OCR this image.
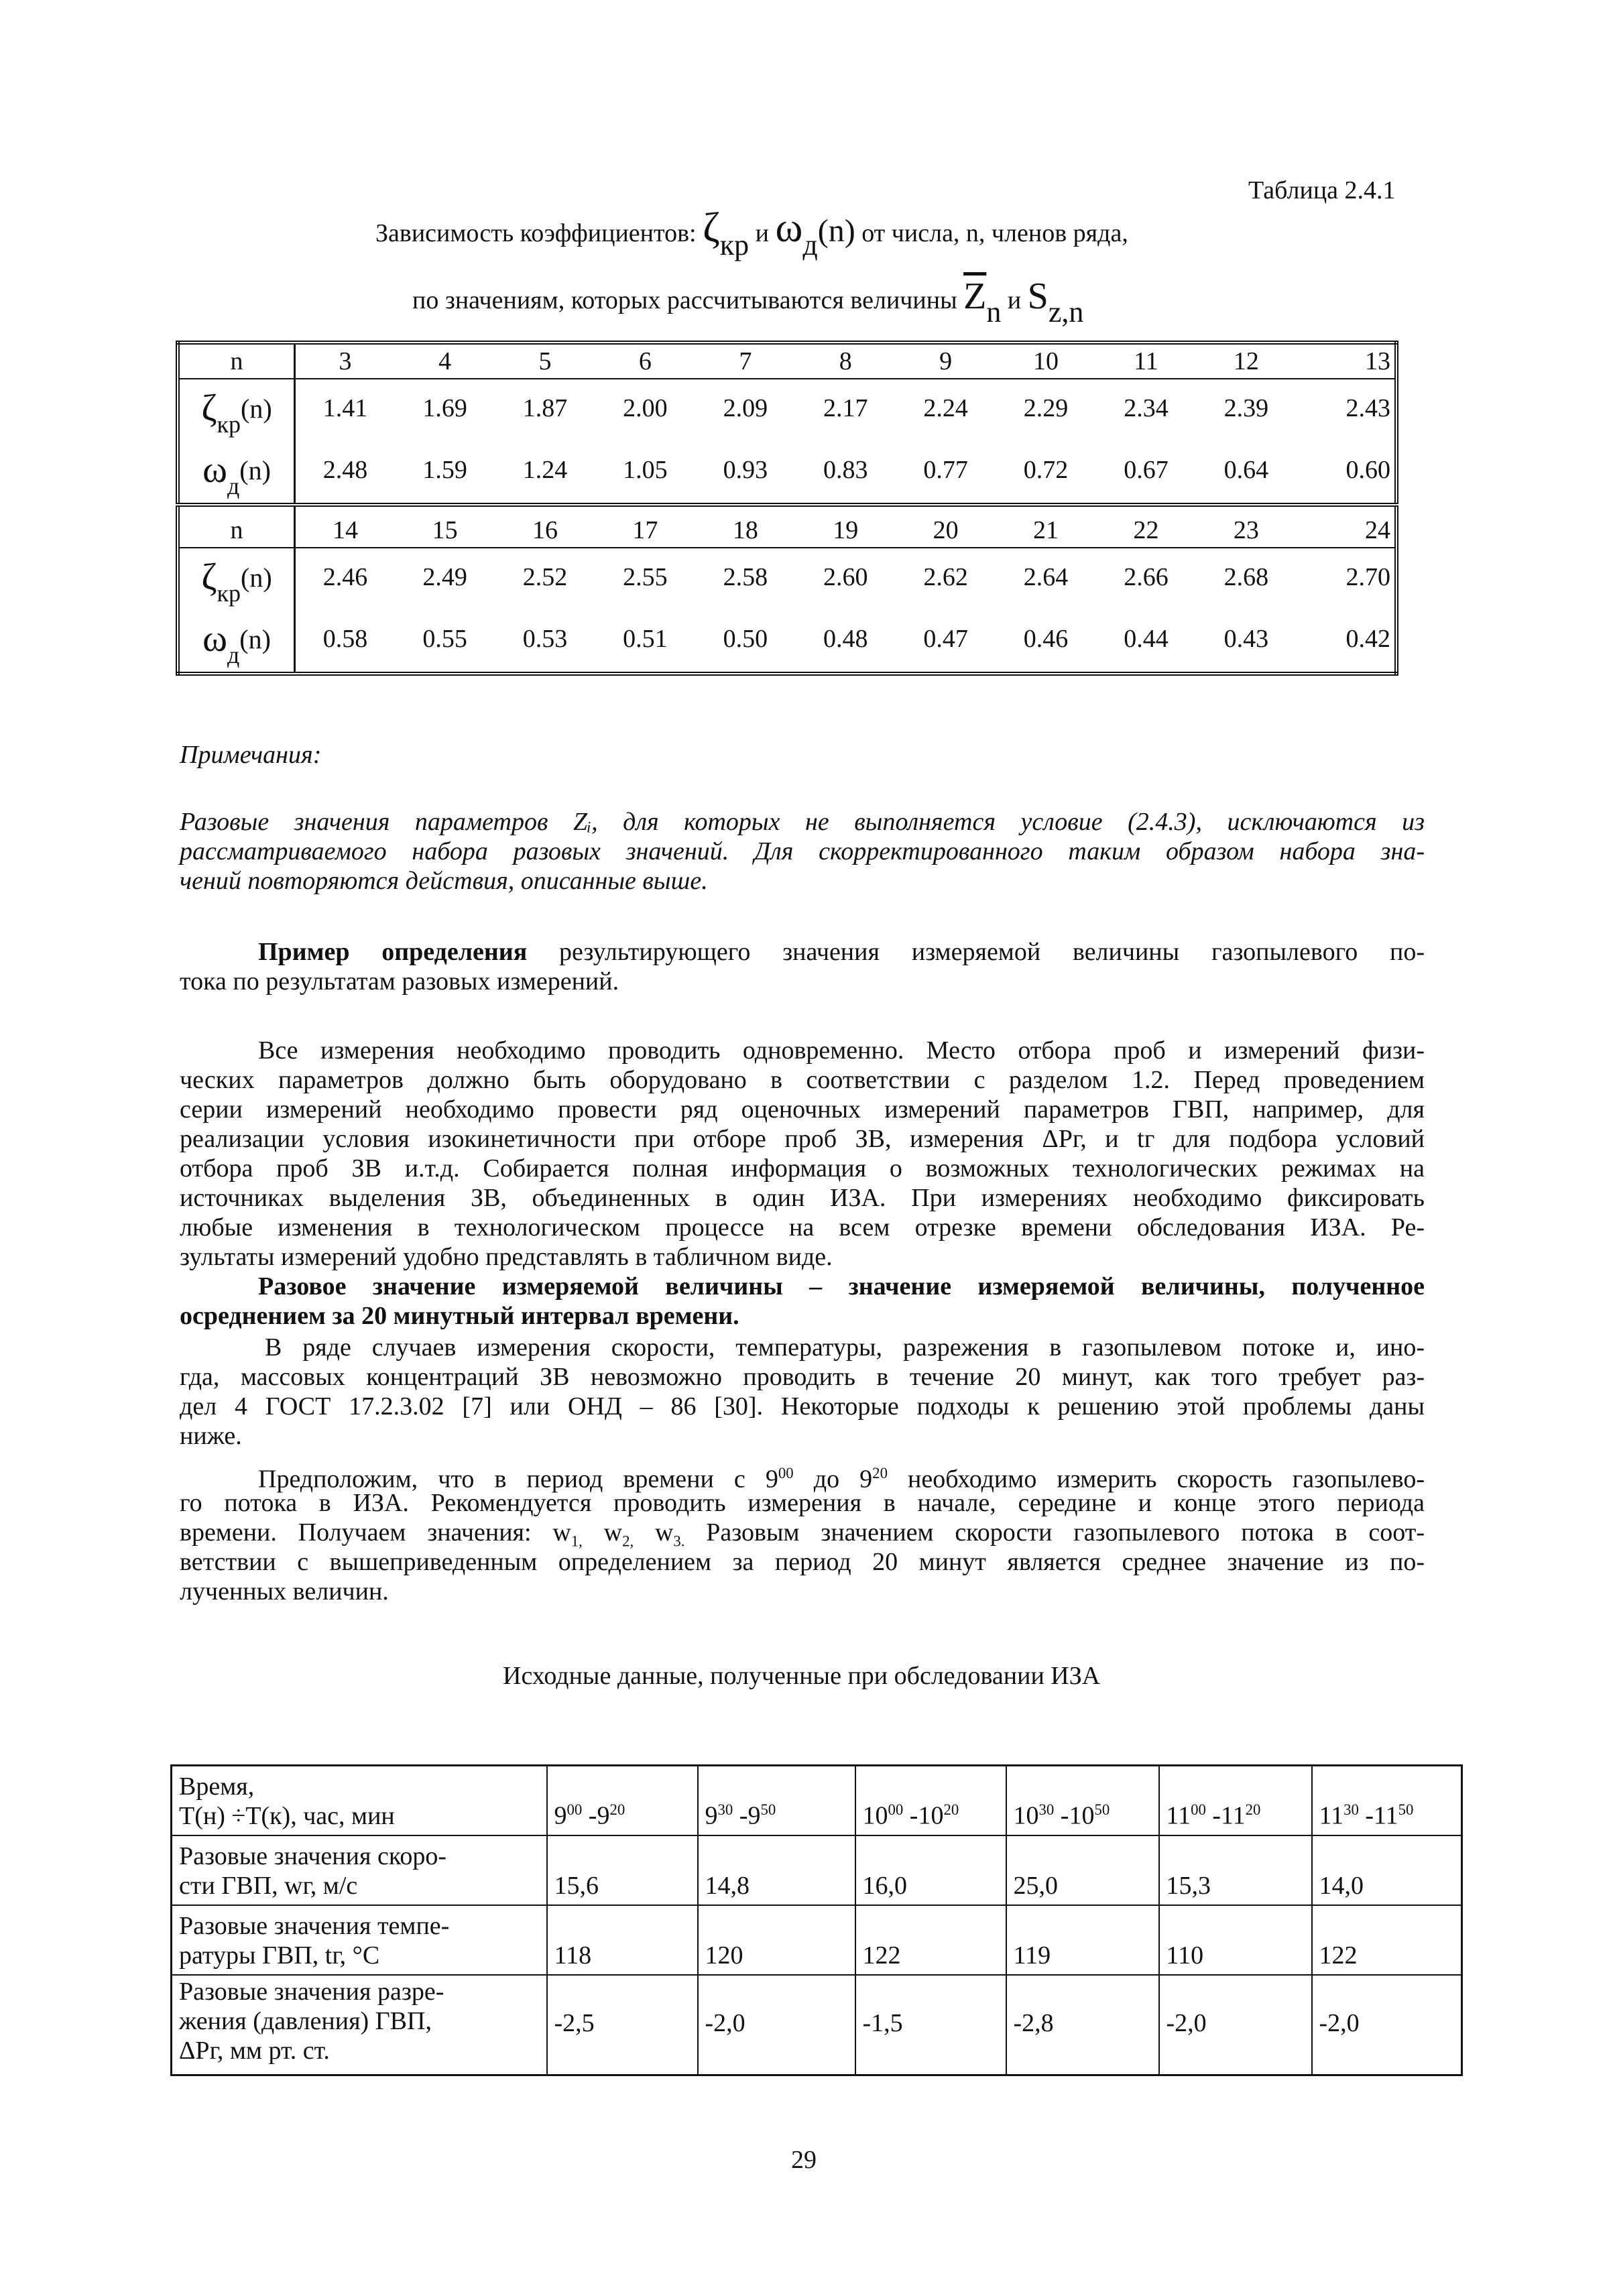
Таблица 2.4.1
Зависимость коэффициентов: ζкр и ωд(n) от числа, n, членов ряда,
по значениям, которых рассчитываются величины $\overline{Z}n$ и Sz,n
n	3	4	5	6	7	8	9	10	11	12	13
ζкр(n)	1.41	1.69	1.87	2.00	2.09	2.17	2.24	2.29	2.34	2.39	2.43
ωд(n)	2.48	1.59	1.24	1.05	0.93	0.83	0.77	0.72	0.67	0.64	0.60

n	14	15	16	17	18	19	20	21	22	23	24
ζкр(n)	2.46	2.49	2.52	2.55	2.58	2.60	2.62	2.64	2.66	2.68	2.70
ωд(n)	0.58	0.55	0.53	0.51	0.50	0.48	0.47	0.46	0.44	0.43	0.42
Примечания:
Разовые значения параметров Zᵢ, для которых не выполняется условие (2.4.3), исключаются из
рассматриваемого набора разовых значений. Для скорректированного таким образом набора зна-
чений повторяются действия, описанные выше.
Пример определения результирующего значения измеряемой величины газопылевого по-
тока по результатам разовых измерений.
Все измерения необходимо проводить одновременно. Место отбора проб и измерений физи-
ческих параметров должно быть оборудовано в соответствии с разделом 1.2. Перед проведением
серии измерений необходимо провести ряд оценочных измерений параметров ГВП, например, для
реализации условия изокинетичности при отборе проб ЗВ, измерения ΔPг, и tг для подбора условий
отбора проб ЗВ и.т.д. Собирается полная информация о возможных технологических режимах на
источниках выделения ЗВ, объединенных в один ИЗА. При измерениях необходимо фиксировать
любые изменения в технологическом процессе на всем отрезке времени обследования ИЗА. Ре-
зультаты измерений удобно представлять в табличном виде.
Разовое значение измеряемой величины – значение измеряемой величины, полученное
осреднением за 20 минутный интервал времени.
В ряде случаев измерения скорости, температуры, разрежения в газопылевом потоке и, ино-
гда, массовых концентраций ЗВ невозможно проводить в течение 20 минут, как того требует раз-
дел 4 ГОСТ 17.2.3.02 [7] или ОНД – 86 [30]. Некоторые подходы к решению этой проблемы даны
ниже.
Предположим, что в период времени с $9^{00}$ до $9^{20}$ необходимо измерить скорость газопылево-
го потока в ИЗА. Рекомендуется проводить измерения в начале, середине и конце этого периода
времени. Получаем значения: $w_{1,}$ $w_{2,}$ $w_{3.}$ Разовым значением скорости газопылевого потока в соот-
ветствии с вышеприведенным определением за период 20 минут является среднее значение из по-
лученных величин.
Исходные данные, полученные при обследовании ИЗА
Время,
Т(н) ÷Т(к), час, мин	$9^{00}$ $-9^{20}$	$9^{30}$ $-9^{50}$	$10^{00}$ $-10^{20}$	$10^{30}$ $-10^{50}$	$11^{00}$ $-11^{20}$	$11^{30}$ $-11^{50}$

Разовые значения скоро-
сти ГВП, wг, м/с	15,6	14,8	16,0	25,0	15,3	14,0

Разовые значения темпе-
ратуры ГВП, tг, °С	118	120	122	119	110	122

Разовые значения разре-
жения (давления) ГВП,
ΔPг, мм рт. ст.	-2,5	-2,0	-1,5	-2,8	-2,0	-2,0
29
